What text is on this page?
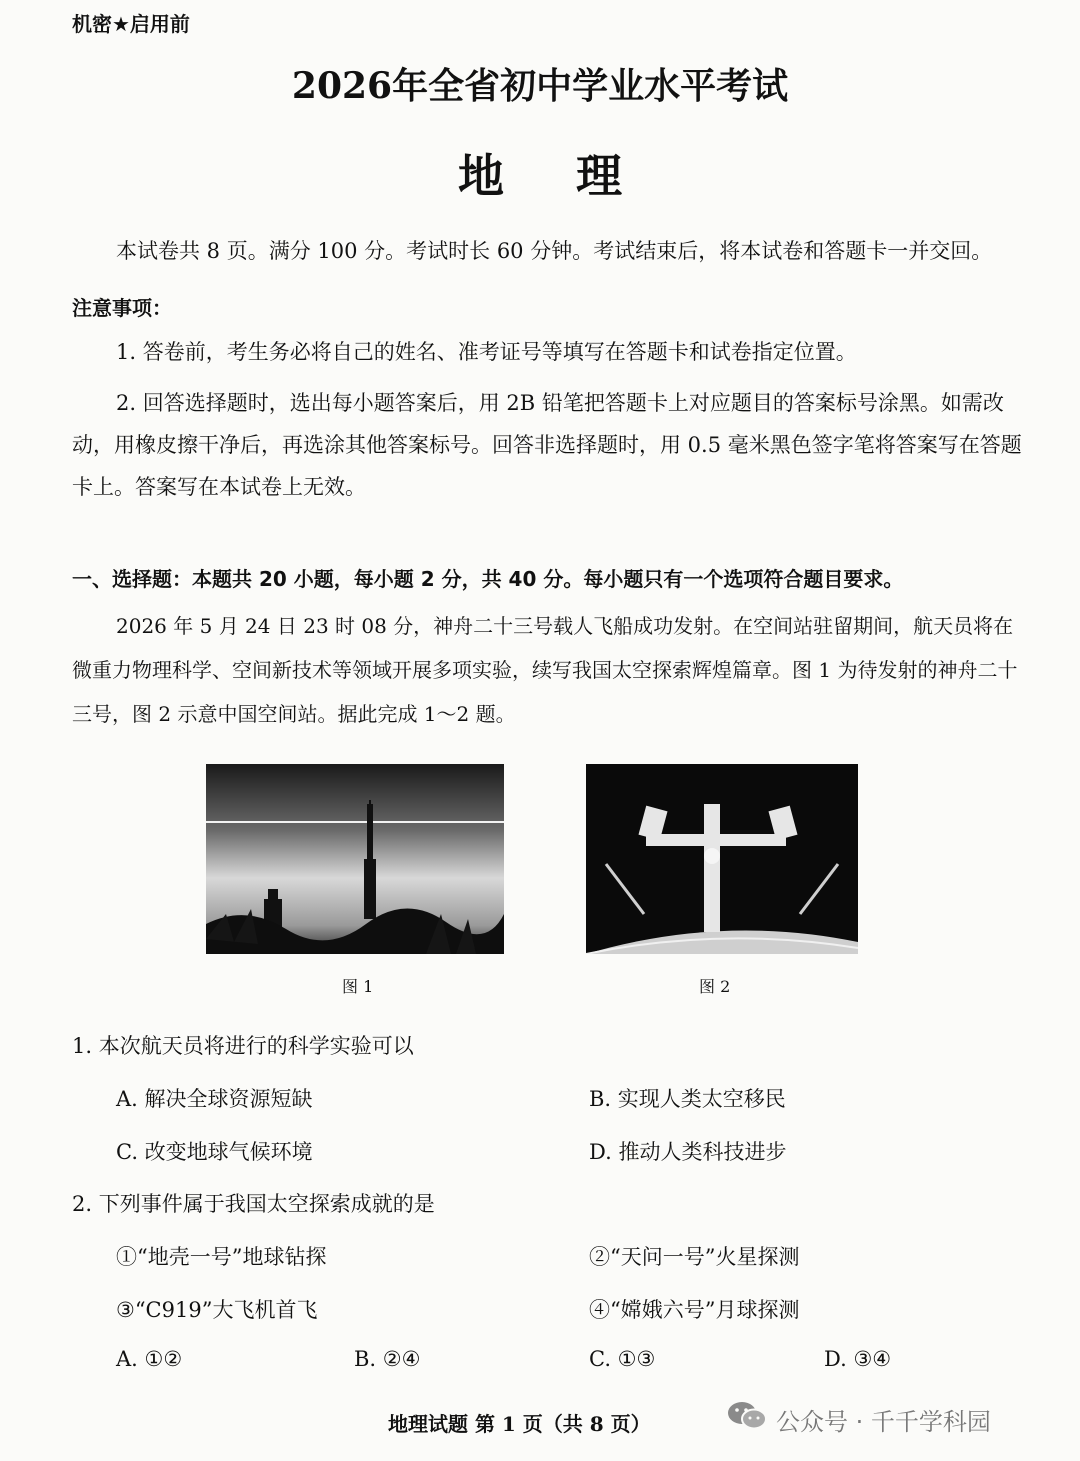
机密★启用前
2026年全省初中学业水平考试
地 理
本试卷共 8 页。满分 100 分。考试时长 60 分钟。考试结束后，将本试卷和答题卡一并交回。
注意事项：
1. 答卷前，考生务必将自己的姓名、准考证号等填写在答题卡和试卷指定位置。
2. 回答选择题时，选出每小题答案后，用 2B 铅笔把答题卡上对应题目的答案标号涂黑。如需改动，用橡皮擦干净后，再选涂其他答案标号。回答非选择题时，用 0.5 毫米黑色签字笔将答案写在答题卡上。答案写在本试卷上无效。
一、选择题：本题共 20 小题，每小题 2 分，共 40 分。每小题只有一个选项符合题目要求。
2026 年 5 月 24 日 23 时 08 分，神舟二十三号载人飞船成功发射。在空间站驻留期间，航天员将在微重力物理科学、空间新技术等领域开展多项实验，续写我国太空探索辉煌篇章。图 1 为待发射的神舟二十三号，图 2 示意中国空间站。据此完成 1～2 题。
图 1	图 2
1. 本次航天员将进行的科学实验可以
A. 解决全球资源短缺	B. 实现人类太空移民
C. 改变地球气候环境	D. 推动人类科技进步
2. 下列事件属于我国太空探索成就的是
①“地壳一号”地球钻探	②“天问一号”火星探测
③“C919”大飞机首飞	④“嫦娥六号”月球探测
A. ①②	B. ②④	C. ①③	D. ③④
地理试题 第 1 页（共 8 页）	公众号 · 千千学科园
